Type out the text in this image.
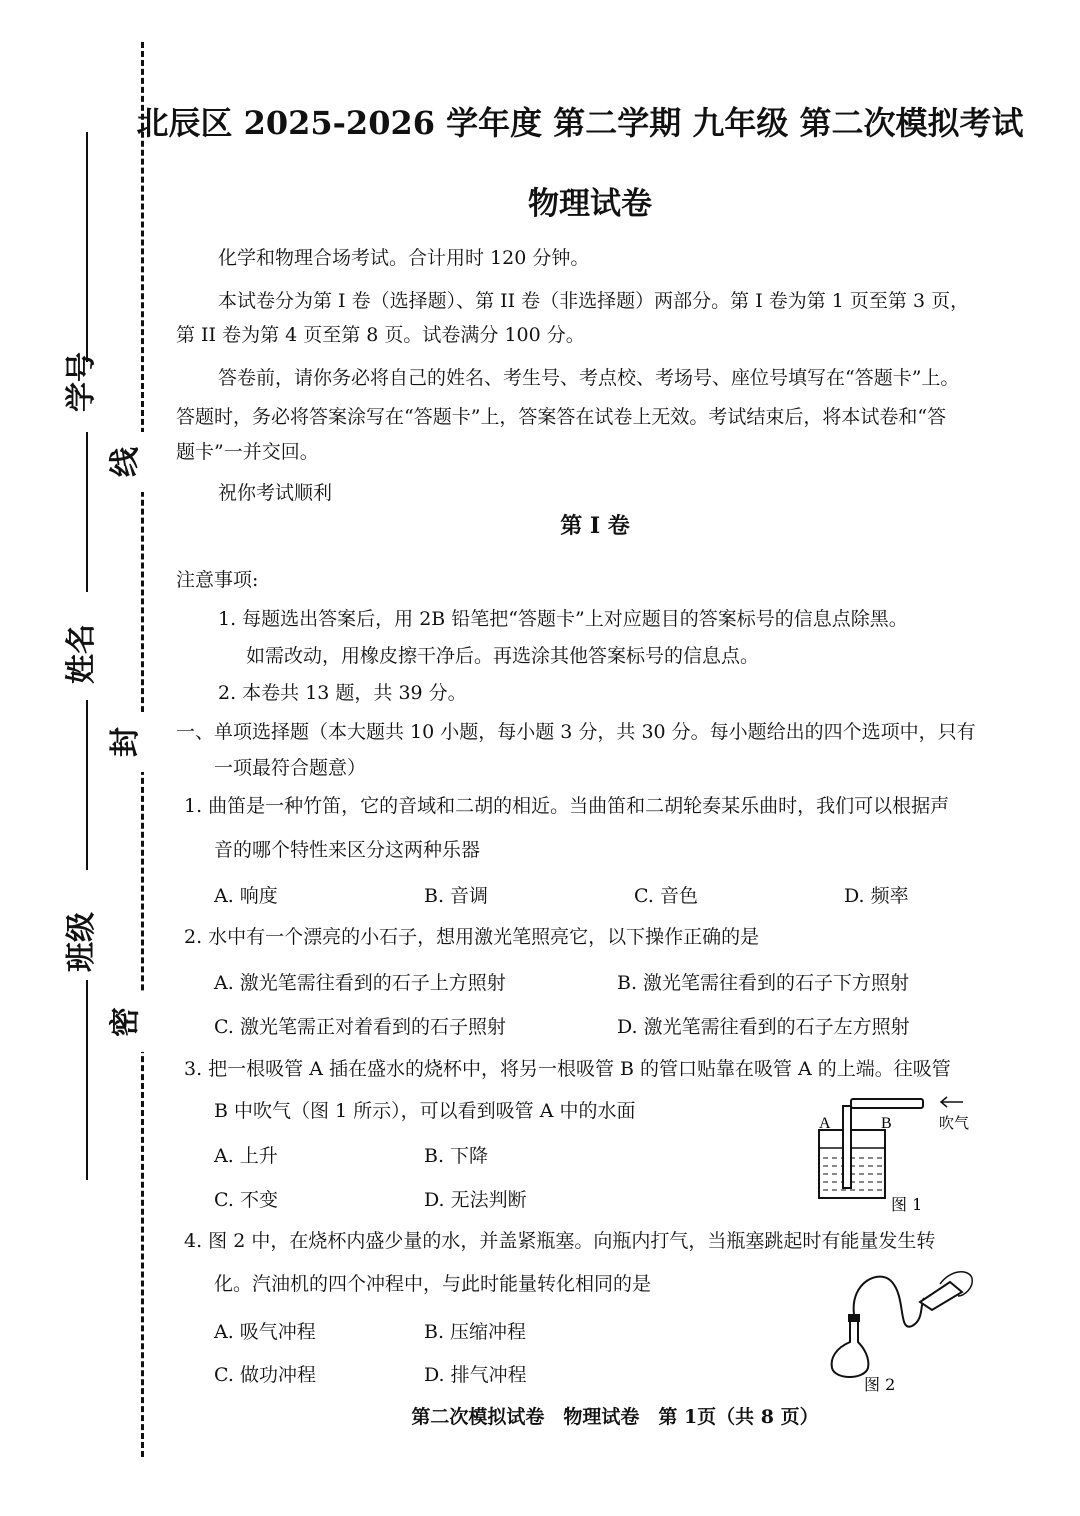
学号
姓名
班级
线
封
密
北辰区 2025-2026 学年度 第二学期 九年级 第二次模拟考试
物理试卷
化学和物理合场考试。合计用时 120 分钟。
本试卷分为第 I 卷（选择题）、第 II 卷（非选择题）两部分。第 I 卷为第 1 页至第 3 页，
第 II 卷为第 4 页至第 8 页。试卷满分 100 分。
答卷前，请你务必将自己的姓名、考生号、考点校、考场号、座位号填写在“答题卡”上。
答题时，务必将答案涂写在“答题卡”上，答案答在试卷上无效。考试结束后，将本试卷和“答
题卡”一并交回。
祝你考试顺利
第 I 卷
注意事项:
1. 每题选出答案后，用 2B 铅笔把“答题卡”上对应题目的答案标号的信息点除黑。
如需改动，用橡皮擦干净后。再选涂其他答案标号的信息点。
2. 本卷共 13 题，共 39 分。
一、单项选择题（本大题共 10 小题，每小题 3 分，共 30 分。每小题给出的四个选项中，只有
一项最符合题意）
1. 曲笛是一种竹笛，它的音域和二胡的相近。当曲笛和二胡轮奏某乐曲时，我们可以根据声
音的哪个特性来区分这两种乐器
A. 响度	B. 音调	C. 音色	D. 频率
2. 水中有一个漂亮的小石子，想用激光笔照亮它，以下操作正确的是
A. 激光笔需往看到的石子上方照射	B. 激光笔需往看到的石子下方照射
C. 激光笔需正对着看到的石子照射	D. 激光笔需往看到的石子左方照射
3. 把一根吸管 A 插在盛水的烧杯中，将另一根吸管 B 的管口贴靠在吸管 A 的上端。往吸管
B 中吹气（图 1 所示），可以看到吸管 A 中的水面
A. 上升	B. 下降
C. 不变	D. 无法判断
A	B	吹气
图 1
4. 图 2 中，在烧杯内盛少量的水，并盖紧瓶塞。向瓶内打气，当瓶塞跳起时有能量发生转
化。汽油机的四个冲程中，与此时能量转化相同的是
A. 吸气冲程	B. 压缩冲程
C. 做功冲程	D. 排气冲程	图 2
第二次模拟试卷　物理试卷　第 1页（共 8 页）
